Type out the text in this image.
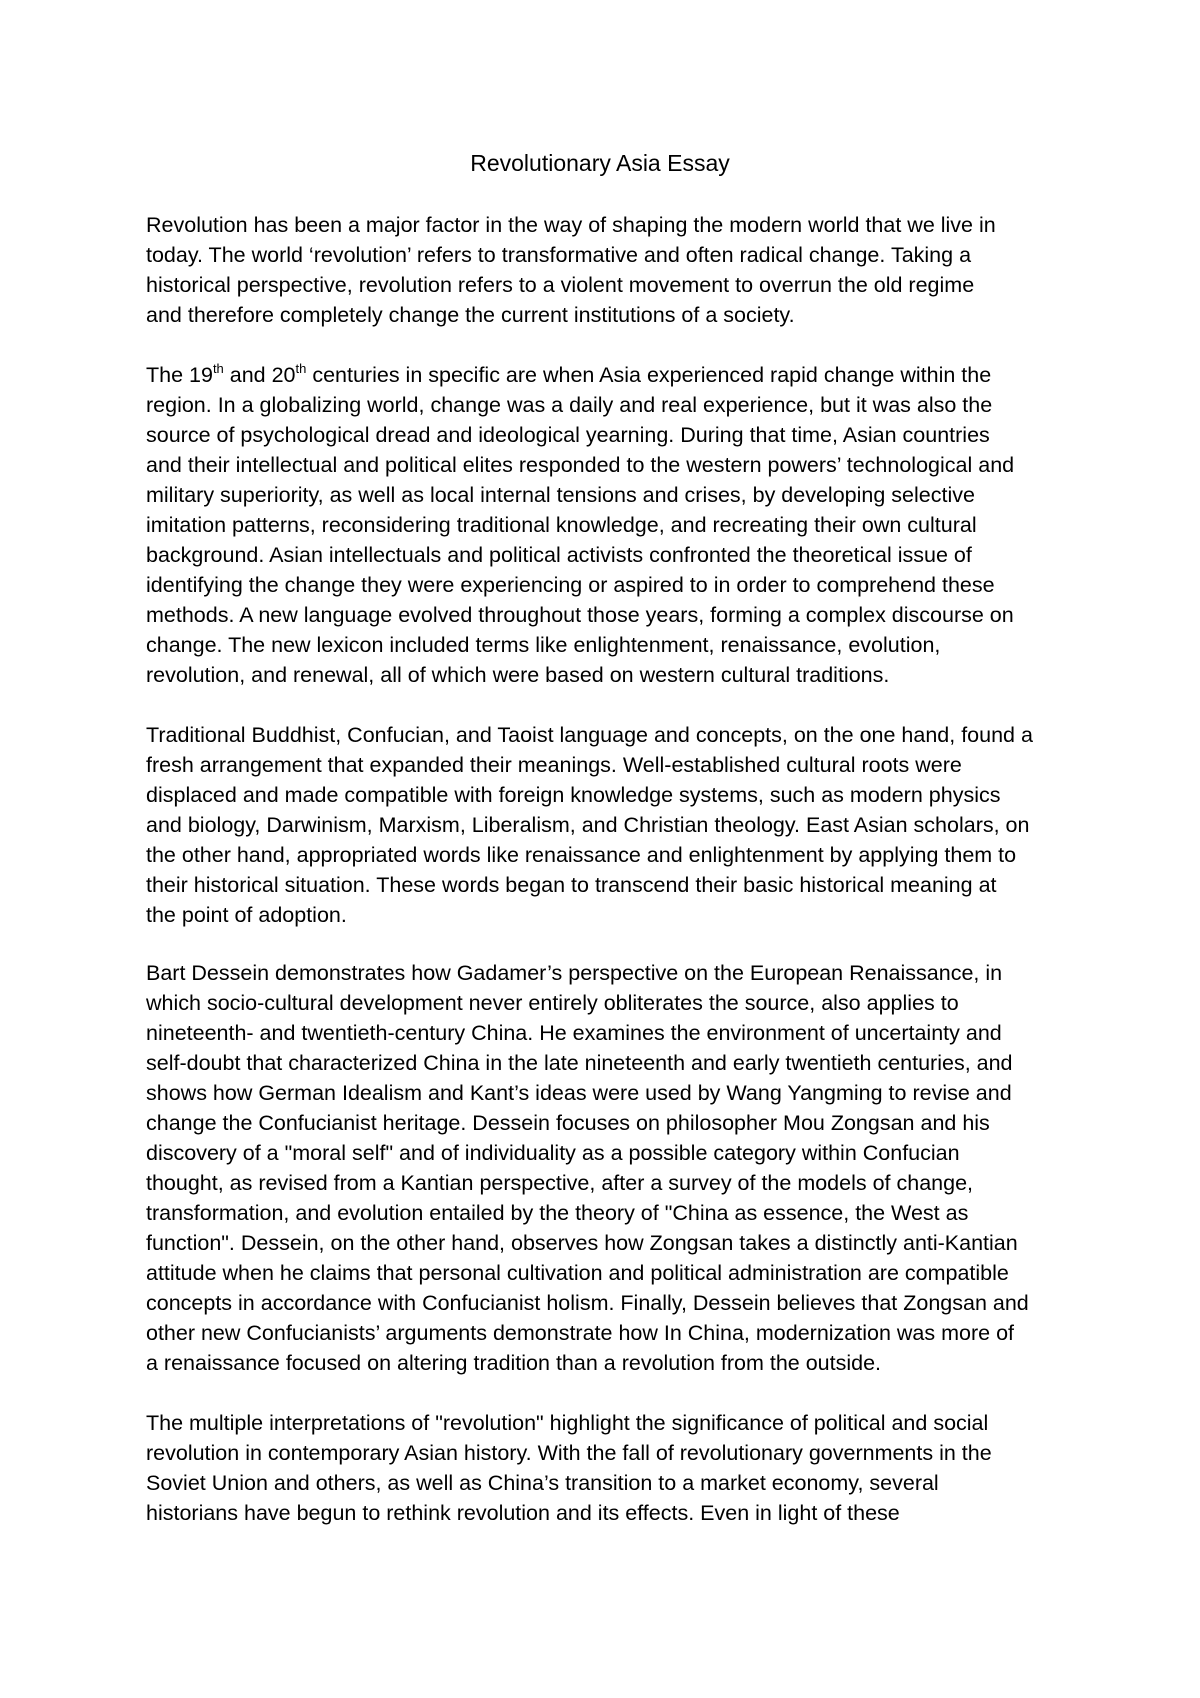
Revolutionary Asia Essay

Revolution has been a major factor in the way of shaping the modern world that we live in

today. The world ‘revolution’ refers to transformative and often radical change. Taking a

historical perspective, revolution refers to a violent movement to overrun the old regime

and therefore completely change the current institutions of a society.

The 19th and 20th centuries in specific are when Asia experienced rapid change within the

region. In a globalizing world, change was a daily and real experience, but it was also the

source of psychological dread and ideological yearning. During that time, Asian countries

and their intellectual and political elites responded to the western powers’ technological and

military superiority, as well as local internal tensions and crises, by developing selective

imitation patterns, reconsidering traditional knowledge, and recreating their own cultural

background. Asian intellectuals and political activists confronted the theoretical issue of

identifying the change they were experiencing or aspired to in order to comprehend these

methods. A new language evolved throughout those years, forming a complex discourse on

change. The new lexicon included terms like enlightenment, renaissance, evolution,

revolution, and renewal, all of which were based on western cultural traditions.

Traditional Buddhist, Confucian, and Taoist language and concepts, on the one hand, found a

fresh arrangement that expanded their meanings. Well-established cultural roots were

displaced and made compatible with foreign knowledge systems, such as modern physics

and biology, Darwinism, Marxism, Liberalism, and Christian theology. East Asian scholars, on

the other hand, appropriated words like renaissance and enlightenment by applying them to

their historical situation. These words began to transcend their basic historical meaning at

the point of adoption.

Bart Dessein demonstrates how Gadamer’s perspective on the European Renaissance, in

which socio-cultural development never entirely obliterates the source, also applies to

nineteenth- and twentieth-century China. He examines the environment of uncertainty and

self-doubt that characterized China in the late nineteenth and early twentieth centuries, and

shows how German Idealism and Kant’s ideas were used by Wang Yangming to revise and

change the Confucianist heritage. Dessein focuses on philosopher Mou Zongsan and his

discovery of a "moral self" and of individuality as a possible category within Confucian

thought, as revised from a Kantian perspective, after a survey of the models of change,

transformation, and evolution entailed by the theory of "China as essence, the West as

function". Dessein, on the other hand, observes how Zongsan takes a distinctly anti-Kantian

attitude when he claims that personal cultivation and political administration are compatible

concepts in accordance with Confucianist holism. Finally, Dessein believes that Zongsan and

other new Confucianists’ arguments demonstrate how In China, modernization was more of

a renaissance focused on altering tradition than a revolution from the outside.

The multiple interpretations of "revolution" highlight the significance of political and social

revolution in contemporary Asian history. With the fall of revolutionary governments in the

Soviet Union and others, as well as China’s transition to a market economy, several

historians have begun to rethink revolution and its effects. Even in light of these
